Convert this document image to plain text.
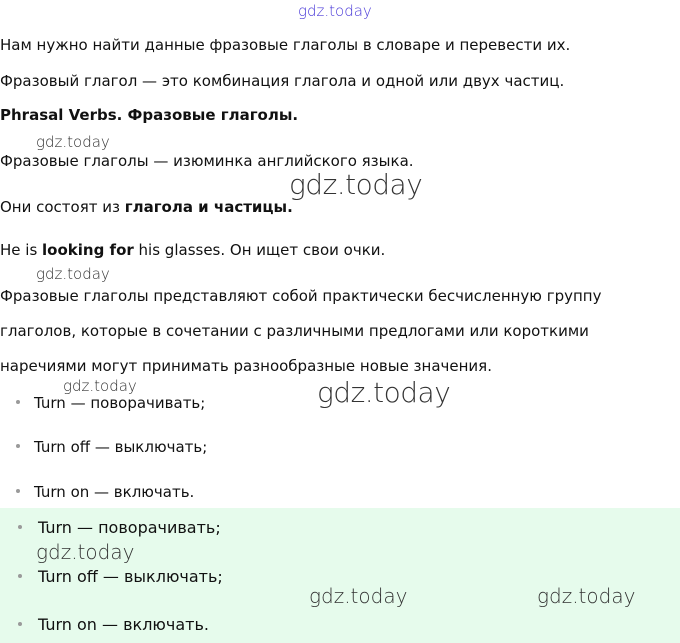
gdz.today
Нам нужно найти данные фразовые глаголы в словаре и перевести их.
Фразовый глагол — это комбинация глагола и одной или двух частиц.
Phrasal Verbs. Фразовые глаголы.
gdz.today
Фразовые глаголы — изюминка английского языка.
gdz.today
Они состоят из глагола и частицы.
He is looking for his glasses. Он ищет свои очки.
gdz.today
Фразовые глаголы представляют собой практически бесчисленную группу
глаголов, которые в сочетании с различными предлогами или короткими
наречиями могут принимать разнообразные новые значения.
gdz.today	gdz.today
Turn — поворачивать;
Turn off — выключать;
Turn on — включать.
Turn — поворачивать;
Turn off — выключать;
Turn on — включать.
gdz.today
gdz.today	gdz.today
